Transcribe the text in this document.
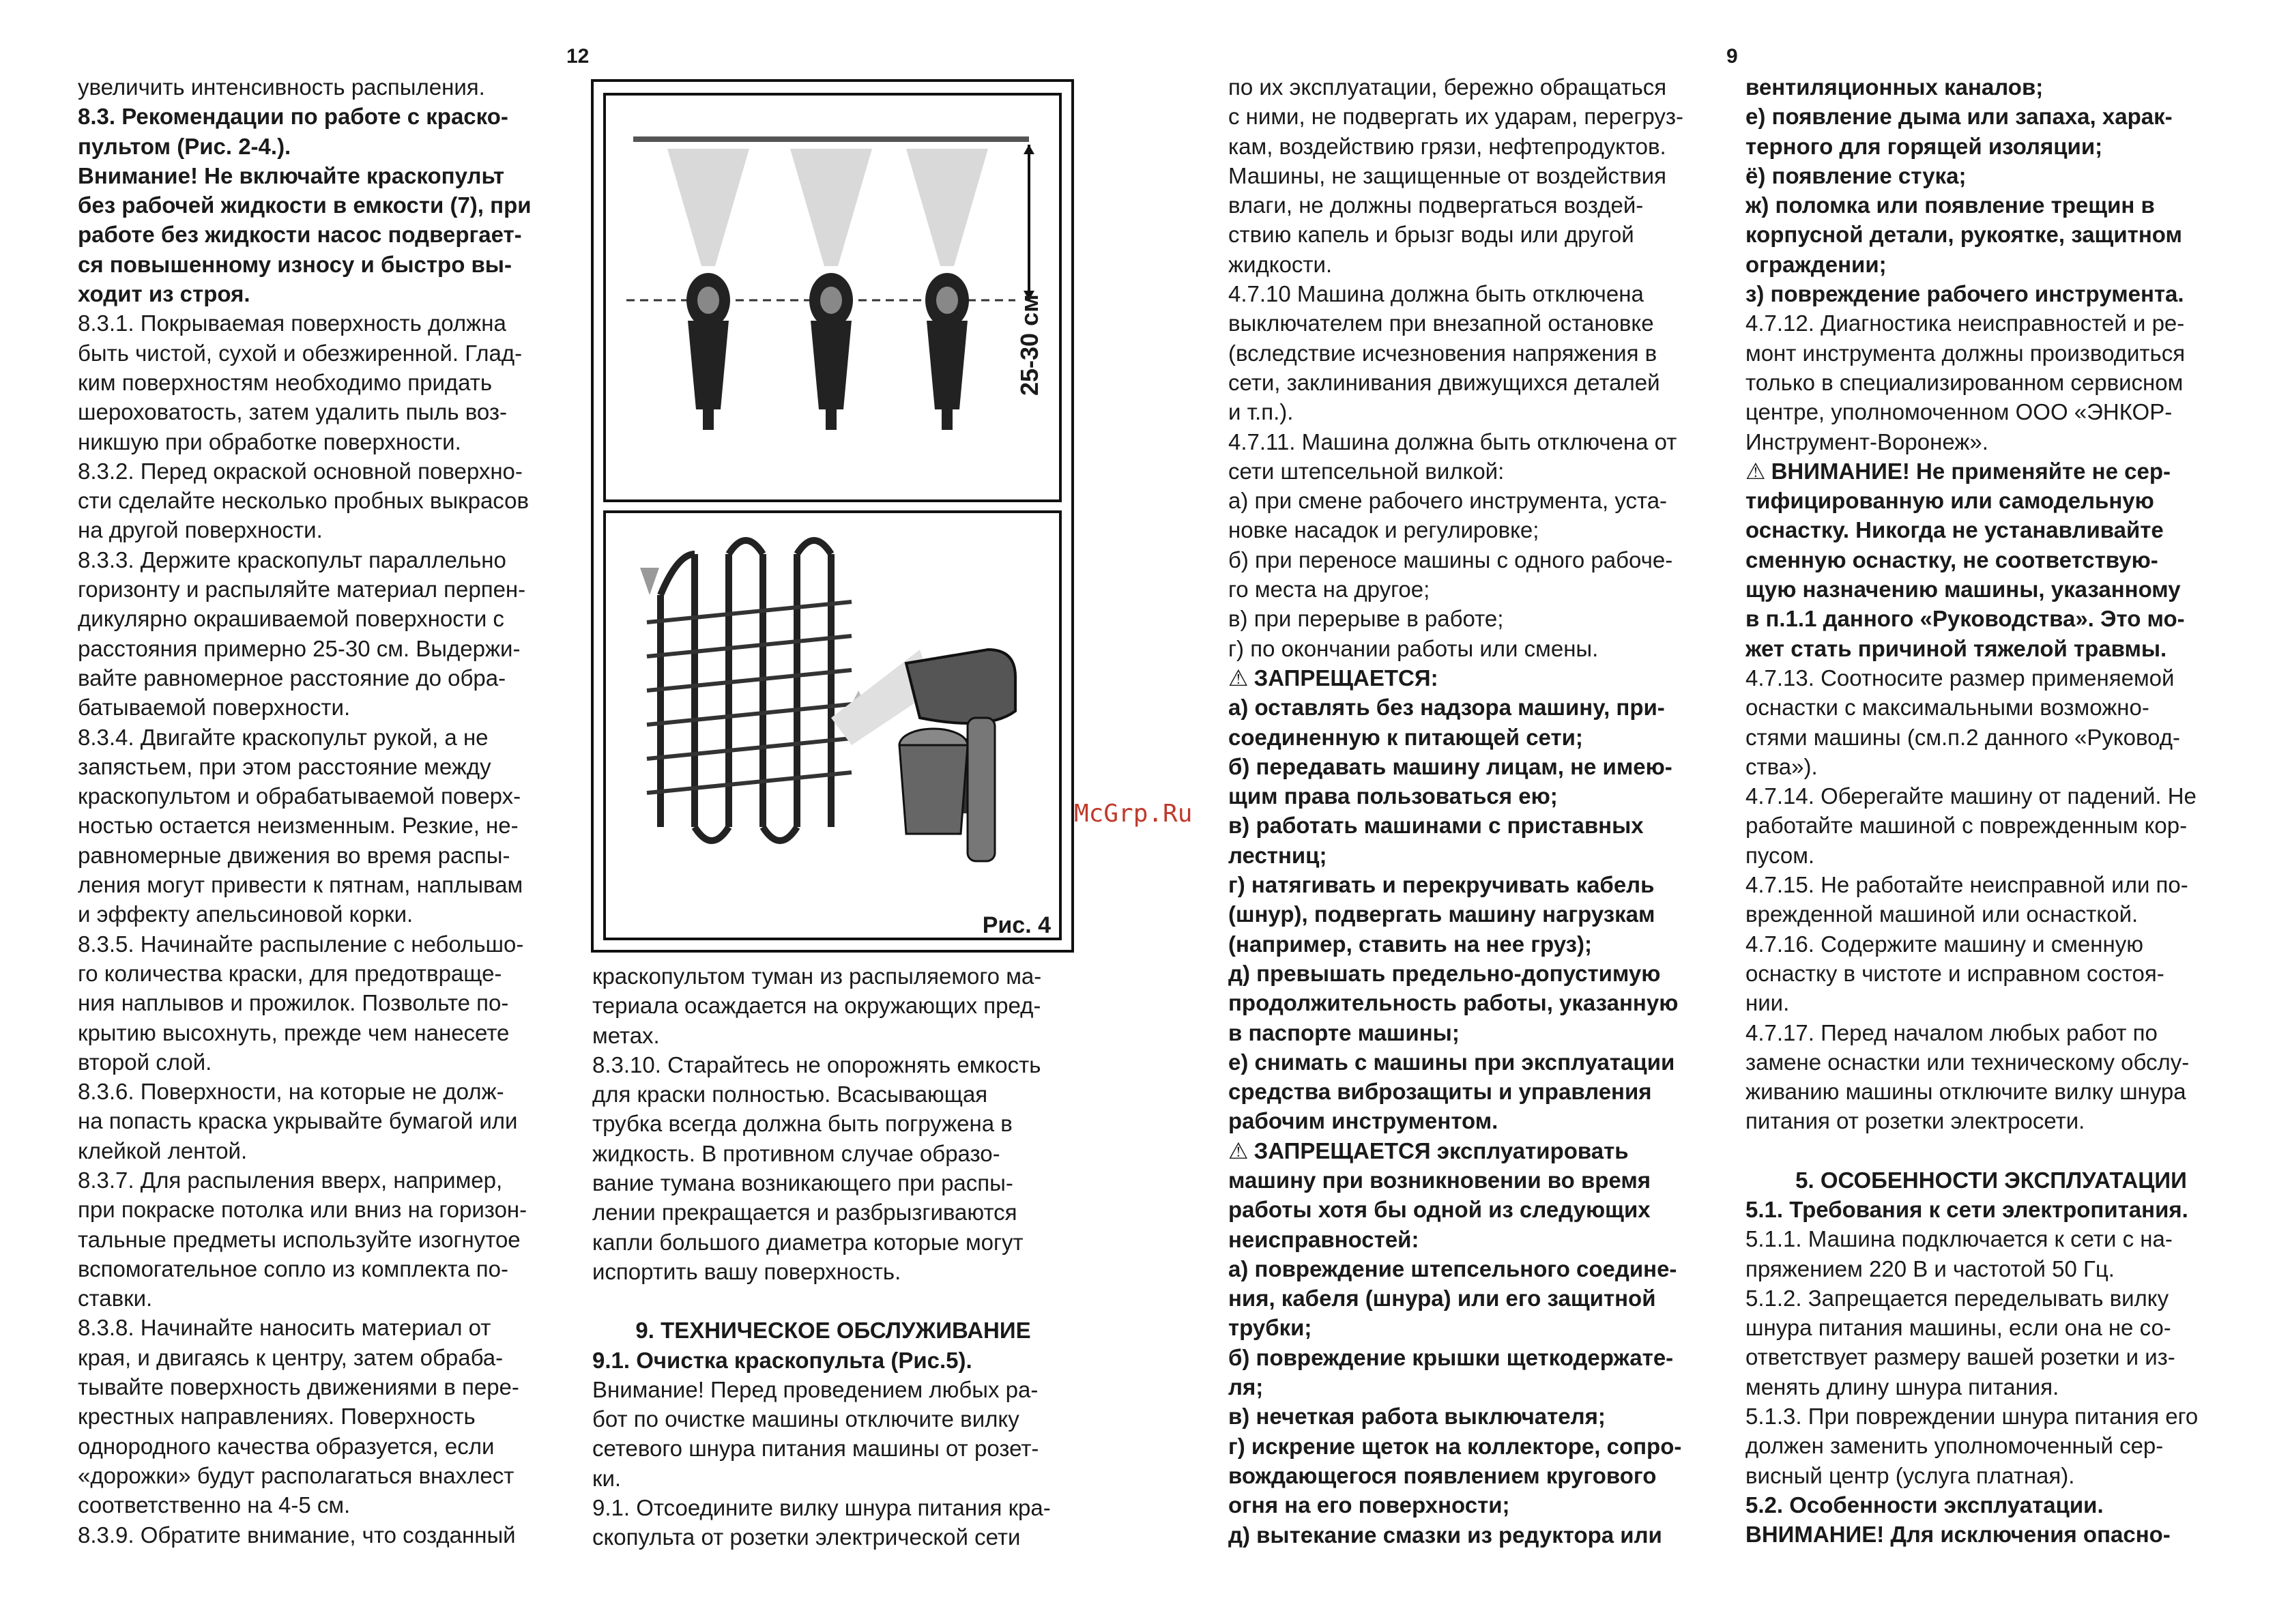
12	9

увеличить интенсивность распыления.

8.3. Рекомендации по работе с краско-

пультом (Рис. 2-4.).

Внимание! Не включайте краскопульт

без рабочей жидкости в емкости (7), при

работе без жидкости насос подвергает-

ся повышенному износу и быстро вы-

ходит из строя.

8.3.1. Покрываемая поверхность должна

быть чистой, сухой и обезжиренной. Глад-

ким поверхностям необходимо придать

шероховатость, затем удалить пыль воз-

никшую при обработке поверхности.

8.3.2. Перед окраской основной поверхно-

сти сделайте несколько пробных выкрасов

на другой поверхности.

8.3.3. Держите краскопульт параллельно

горизонту и распыляйте материал перпен-

дикулярно окрашиваемой поверхности с

расстояния примерно 25-30 см. Выдержи-

вайте равномерное расстояние до обра-

батываемой поверхности.

8.3.4. Двигайте краскопульт рукой, а не

запястьем, при этом расстояние между

краскопультом и обрабатываемой поверх-

ностью остается неизменным. Резкие, не-

равномерные движения во время распы-

ления могут привести к пятнам, наплывам

и эффекту апельсиновой корки.

8.3.5. Начинайте распыление с небольшо-

го количества краски, для предотвраще-

ния наплывов и прожилок. Позвольте по-

крытию высохнуть, прежде чем нанесете

второй слой.

8.3.6. Поверхности, на которые не долж-

на попасть краска укрывайте бумагой или

клейкой лентой.

8.3.7. Для распыления вверх, например,

при покраске потолка или вниз на горизон-

тальные предметы используйте изогнутое

вспомогательное сопло из комплекта по-

ставки.

8.3.8. Начинайте наносить материал от

края, и двигаясь к центру, затем обраба-

тывайте поверхность движениями в пере-

крестных направлениях. Поверхность

однородного качества образуется, если

«дорожки» будут располагаться внахлест

соответственно на 4-5 см.

8.3.9. Обратите внимание, что созданный

25-30 см
Рис. 4

краскопультом туман из распыляемого ма-

териала осаждается на окружающих пред-

метах.

8.3.10. Старайтесь не опорожнять емкость

для краски полностью. Всасывающая

трубка всегда должна быть погружена в

жидкость. В противном случае образо-

вание тумана возникающего при распы-

лении прекращается и разбрызгиваются

капли большого диаметра которые могут

испортить вашу поверхность.

9. ТЕХНИЧЕСКОЕ ОБСЛУЖИВАНИЕ

9.1. Очистка краскопульта (Рис.5).

Внимание! Перед проведением любых ра-

бот по очистке машины отключите вилку

сетевого шнура питания машины от розет-

ки.

9.1. Отсоедините вилку шнура питания кра-

скопульта от розетки электрической сети

McGrp.Ru

по их эксплуатации, бережно обращаться

с ними, не подвергать их ударам, перегруз-

кам, воздействию грязи, нефтепродуктов.

Машины, не защищенные от воздействия

влаги, не должны подвергаться воздей-

ствию капель и брызг воды или другой

жидкости.

4.7.10 Машина должна быть отключена

выключателем при внезапной остановке

(вследствие исчезновения напряжения в

сети, заклинивания движущихся деталей

и т.п.).

4.7.11. Машина должна быть отключена от

сети штепсельной вилкой:

а) при смене рабочего инструмента, уста-

новке насадок и регулировке;

б) при переносе машины с одного рабоче-

го места на другое;

в) при перерыве в работе;

г) по окончании работы или смены.

⚠ ЗАПРЕЩАЕТСЯ:

а) оставлять без надзора машину, при-

соединенную к питающей сети;

б) передавать машину лицам, не имею-

щим права пользоваться ею;

в) работать машинами с приставных

лестниц;

г) натягивать и перекручивать кабель

(шнур), подвергать машину нагрузкам

(например, ставить на нее груз);

д) превышать предельно-допустимую

продолжительность работы, указанную

в паспорте машины;

е) снимать с машины при эксплуатации

средства виброзащиты и управления

рабочим инструментом.

⚠ ЗАПРЕЩАЕТСЯ эксплуатировать

машину при возникновении во время

работы хотя бы одной из следующих

неисправностей:

а) повреждение штепсельного соедине-

ния, кабеля (шнура) или его защитной

трубки;

б) повреждение крышки щеткодержате-

ля;

в) нечеткая работа выключателя;

г) искрение щеток на коллекторе, сопро-

вождающегося появлением кругового

огня на его поверхности;

д) вытекание смазки из редуктора или

вентиляционных каналов;

е) появление дыма или запаха, харак-

терного для горящей изоляции;

ё) появление стука;

ж) поломка или появление трещин в

корпусной детали, рукоятке, защитном

ограждении;

з) повреждение рабочего инструмента.

4.7.12. Диагностика неисправностей и ре-

монт инструмента должны производиться

только в специализированном сервисном

центре, уполномоченном ООО «ЭНКОР-

Инструмент-Воронеж».

⚠ ВНИМАНИЕ! Не применяйте не сер-

тифицированную или самодельную

оснастку. Никогда не устанавливайте

сменную оснастку, не соответствую-

щую назначению машины, указанному

в п.1.1 данного «Руководства». Это мо-

жет стать причиной тяжелой травмы.

4.7.13. Соотносите размер применяемой

оснастки с максимальными возможно-

стями машины (см.п.2 данного «Руковод-

ства»).

4.7.14. Оберегайте машину от падений. Не

работайте машиной с поврежденным кор-

пусом.

4.7.15. Не работайте неисправной или по-

врежденной машиной или оснасткой.

4.7.16. Содержите машину и сменную

оснастку в чистоте и исправном состоя-

нии.

4.7.17. Перед началом любых работ по

замене оснастки или техническому обслу-

живанию машины отключите вилку шнура

питания от розетки электросети.

5. ОСОБЕННОСТИ ЭКСПЛУАТАЦИИ

5.1. Требования к сети электропитания.

5.1.1. Машина подключается к сети с на-

пряжением 220 В и частотой 50 Гц.

5.1.2. Запрещается переделывать вилку

шнура питания машины, если она не со-

ответствует размеру вашей розетки и из-

менять длину шнура питания.

5.1.3. При повреждении шнура питания его

должен заменить уполномоченный сер-

висный центр (услуга платная).

5.2. Особенности эксплуатации.

ВНИМАНИЕ! Для исключения опасно-
